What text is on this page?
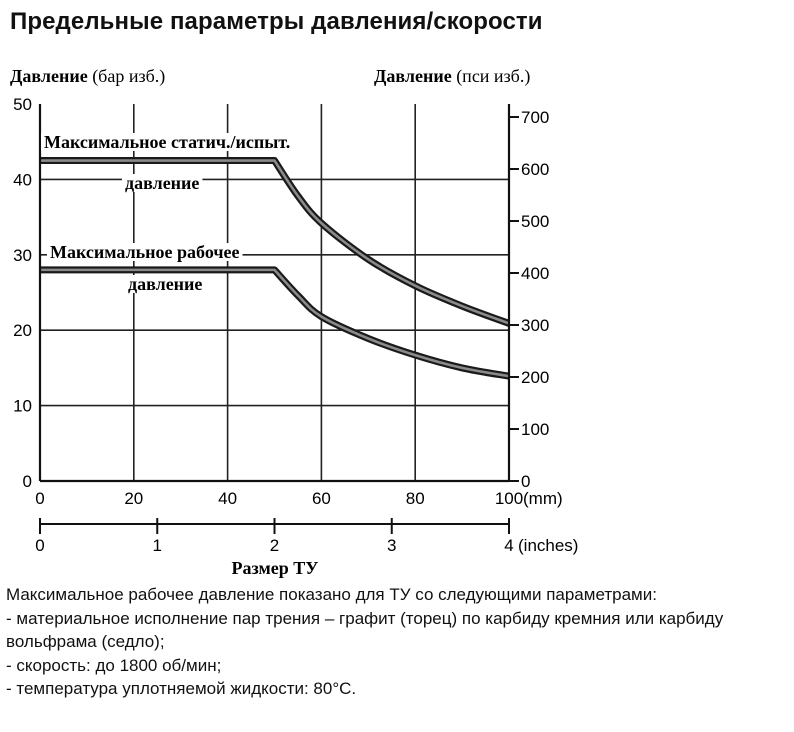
Предельные параметры давления/скорости
0
10
20
30
40
50
0
100
200
300
400
500
600
700
0	20	40	60	80	100 (mm)
0	1	2	3	4 (inches)
Размер ТУ
Давление (бар изб.)	Давление (пси изб.)
Максимальное статич./испыт.
давление
Максимальное рабочее
давление

Максимальное рабочее давление показано для ТУ со следующими параметрами:

- материальное исполнение пар трения – графит (торец) по карбиду кремния или карбиду вольфрама (седло);

- скорость: до 1800 об/мин;

- температура уплотняемой жидкости: 80°C.
